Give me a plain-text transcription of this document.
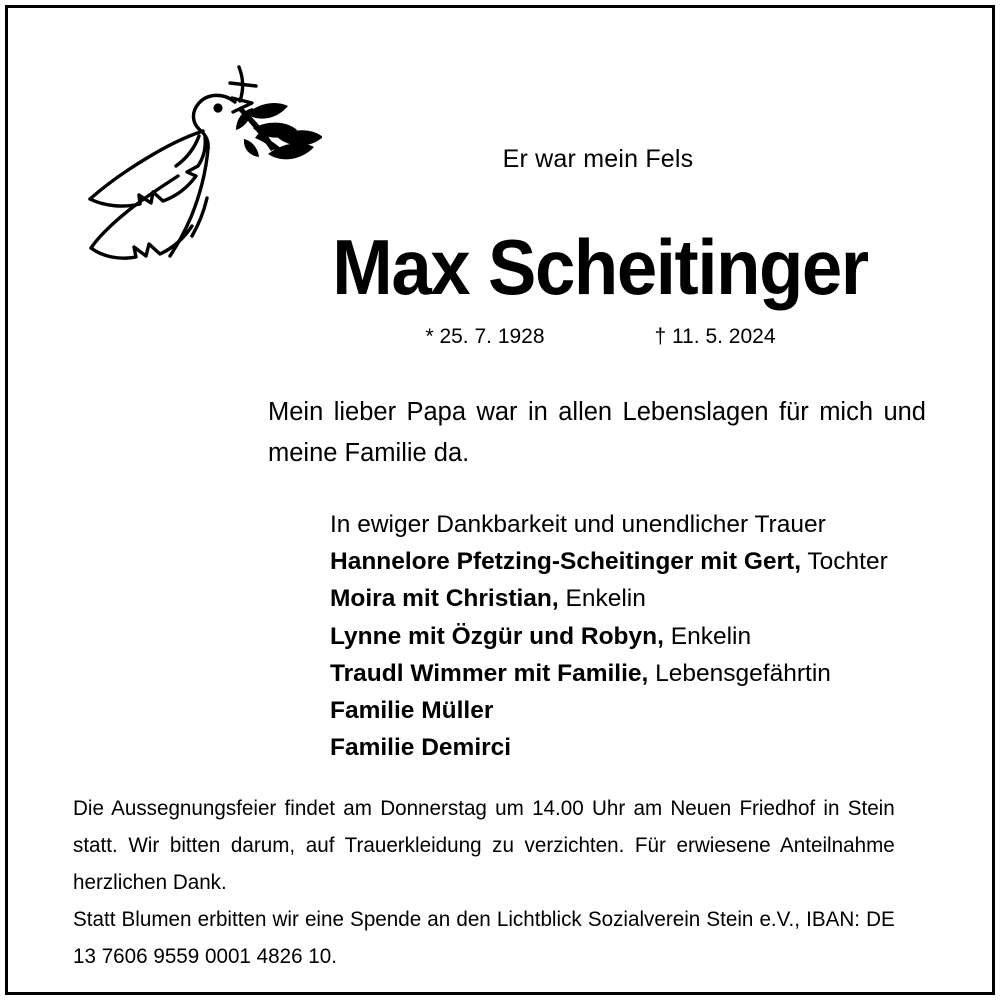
Er war mein Fels
Max Scheitinger
* 25. 7. 1928	† 11. 5. 2024

Mein lieber Papa war in allen Lebenslagen für mich und meine Familie da.

In ewiger Dankbarkeit und unendlicher Trauer
Hannelore Pfetzing-Scheitinger mit Gert, Tochter
Moira mit Christian, Enkelin
Lynne mit Özgür und Robyn, Enkelin
Traudl Wimmer mit Familie, Lebensgefährtin
Familie Müller
Familie Demirci

Die Aussegnungsfeier findet am Donnerstag um 14.00 Uhr am Neuen Friedhof in Stein statt. Wir bitten darum, auf Trauerkleidung zu verzichten. Für erwiesene Anteilnahme herzlichen Dank.

Statt Blumen erbitten wir eine Spende an den Lichtblick Sozialverein Stein e.V., IBAN: DE 13 7606 9559 0001 4826 10.
